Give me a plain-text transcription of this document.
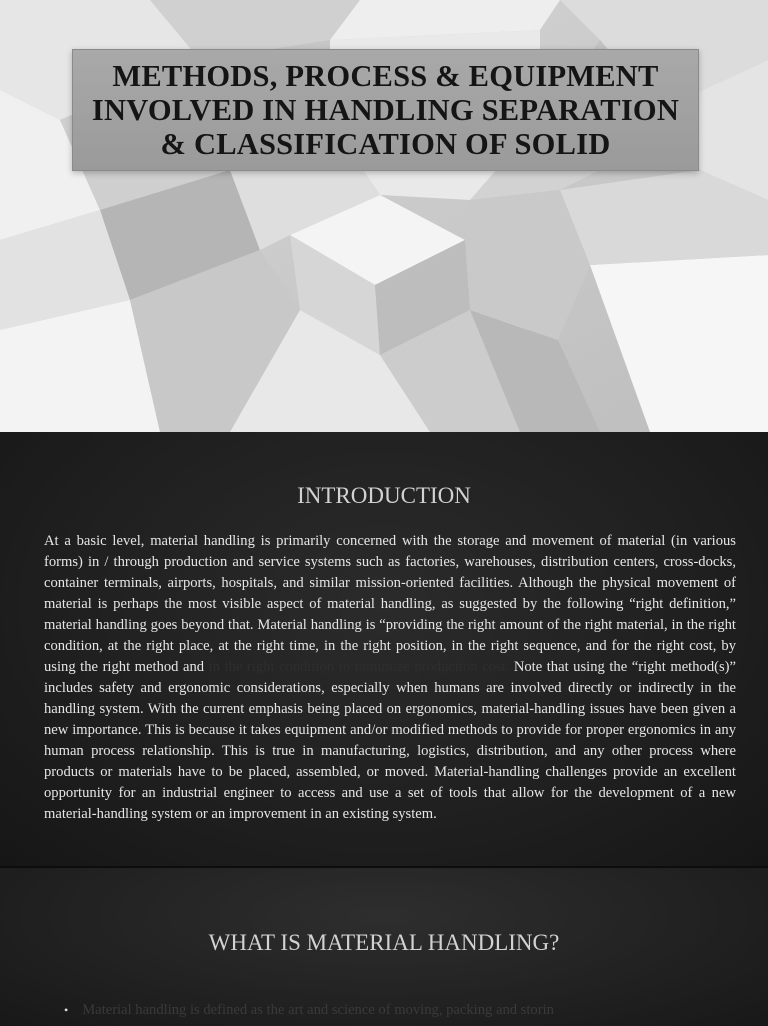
METHODS, PROCESS & EQUIPMENT
INVOLVED IN HANDLING SEPARATION
& CLASSIFICATION OF SOLID
INTRODUCTION

At a basic level, material handling is primarily concerned with the storage and movement of material (in various forms) in / through production and service systems such as factories, warehouses, distribution centers, cross-docks, container terminals, airports, hospitals, and similar mission-oriented facilities. Although the physical movement of material is perhaps the most visible aspect of material handling, as suggested by the following “right definition,” material handling goes beyond that. Material handling is “providing the right amount of the right material, in the right condition, at the right place, at the right time, in the right position, in the right sequence, and for the right cost, by using the right method and in the right condition to minimize production cost. Note that using the “right method(s)” includes safety and ergonomic considerations, especially when humans are involved directly or indirectly in the handling system. With the current emphasis being placed on ergonomics, material-handling issues have been given a new importance. This is because it takes equipment and/or modified methods to provide for proper ergonomics in any human process relationship. This is true in manufacturing, logistics, distribution, and any other process where products or materials have to be placed, assembled, or moved. Material-handling challenges provide an excellent opportunity for an industrial engineer to access and use a set of tools that allow for the development of a new material-handling system or an improvement in an existing system.

WHAT IS MATERIAL HANDLING?
• Material handling is defined as the art and science of moving, packing and storin
